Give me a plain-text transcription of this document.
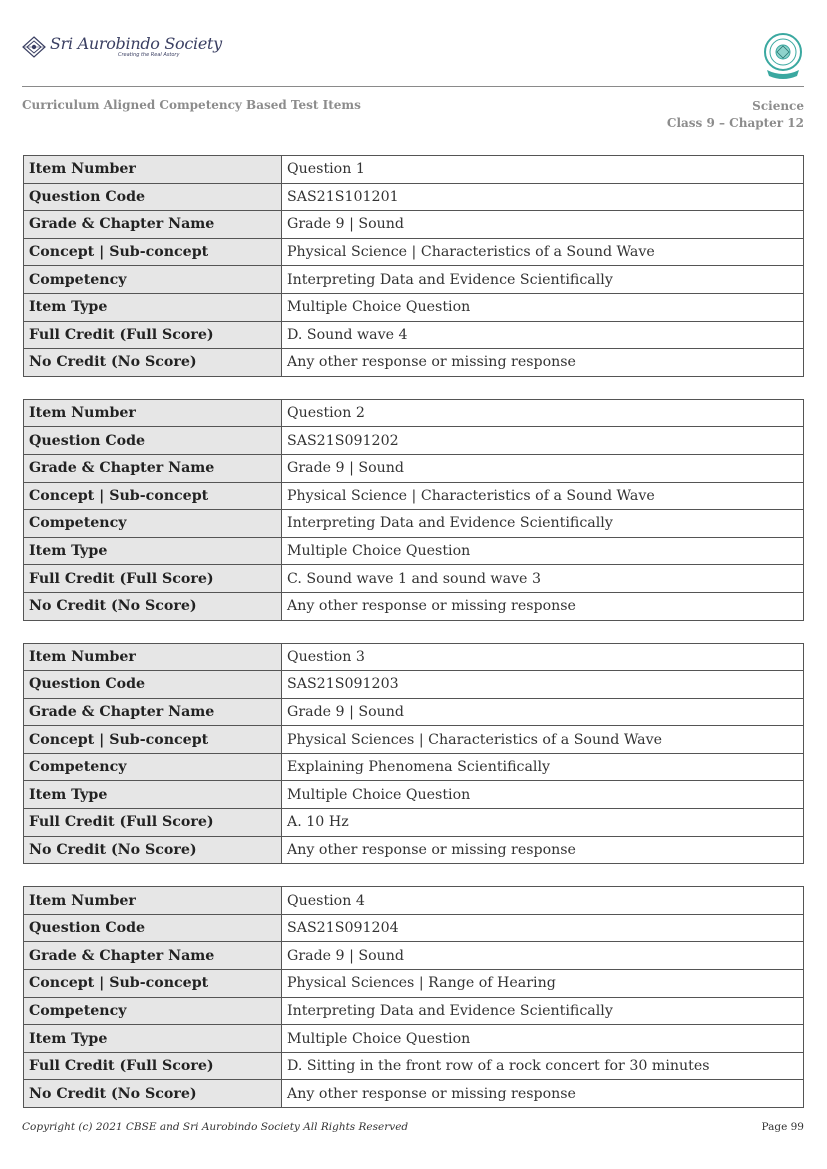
Sri Aurobindo Society
Creating the Real Astory
Curriculum Aligned Competency Based Test Items	Science
Class 9 – Chapter 12
Item Number	Question 1
Question Code	SAS21S101201
Grade & Chapter Name	Grade 9 | Sound
Concept | Sub-concept	Physical Science | Characteristics of a Sound Wave
Competency	Interpreting Data and Evidence Scientifically
Item Type	Multiple Choice Question
Full Credit (Full Score)	D. Sound wave 4
No Credit (No Score)	Any other response or missing response
Item Number	Question 2
Question Code	SAS21S091202
Grade & Chapter Name	Grade 9 | Sound
Concept | Sub-concept	Physical Science | Characteristics of a Sound Wave
Competency	Interpreting Data and Evidence Scientifically
Item Type	Multiple Choice Question
Full Credit (Full Score)	C. Sound wave 1 and sound wave 3
No Credit (No Score)	Any other response or missing response
Item Number	Question 3
Question Code	SAS21S091203
Grade & Chapter Name	Grade 9 | Sound
Concept | Sub-concept	Physical Sciences | Characteristics of a Sound Wave
Competency	Explaining Phenomena Scientifically
Item Type	Multiple Choice Question
Full Credit (Full Score)	A. 10 Hz
No Credit (No Score)	Any other response or missing response
Item Number	Question 4
Question Code	SAS21S091204
Grade & Chapter Name	Grade 9 | Sound
Concept | Sub-concept	Physical Sciences | Range of Hearing
Competency	Interpreting Data and Evidence Scientifically
Item Type	Multiple Choice Question
Full Credit (Full Score)	D. Sitting in the front row of a rock concert for 30 minutes
No Credit (No Score)	Any other response or missing response
Copyright (c) 2021 CBSE and Sri Aurobindo Society All Rights Reserved	Page 99
